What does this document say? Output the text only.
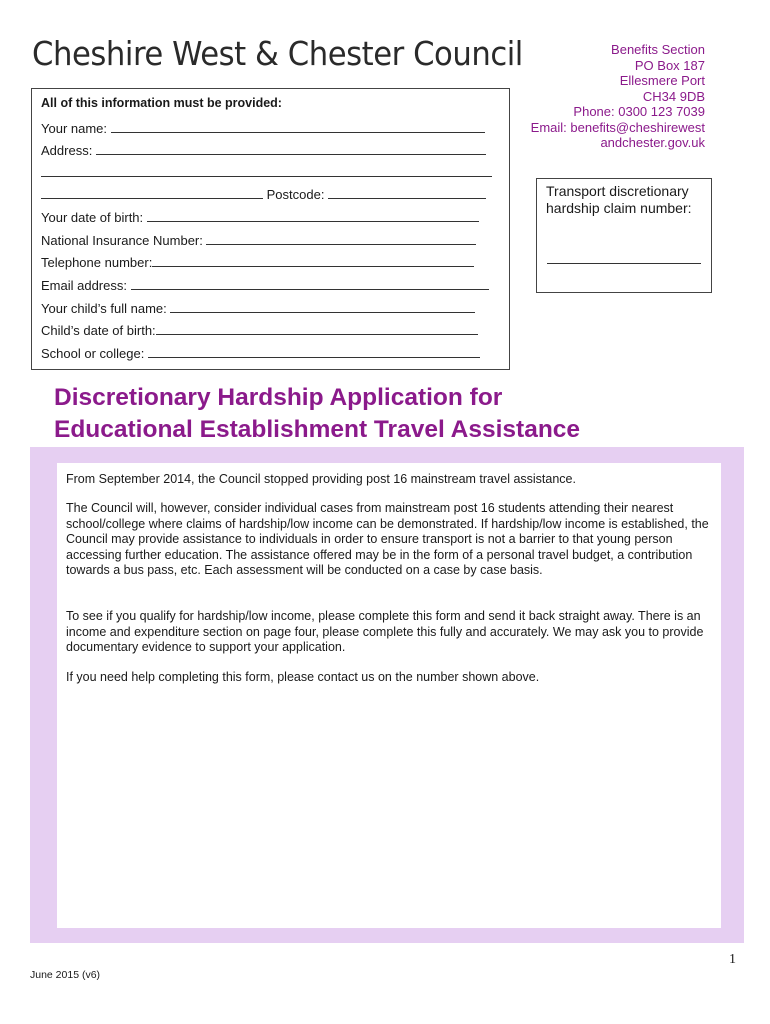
Cheshire West & Chester Council	Benefits Section
PO Box 187
Ellesmere Port
CH34 9DB
Phone: 0300 123 7039
Email: benefits@cheshirewest
andchester.gov.uk
All of this information must be provided:
Your name:
Address:
Postcode:
Your date of birth:
National Insurance Number:
Telephone number:
Email address:
Your child’s full name:
Child’s date of birth:
School or college:
Transport discretionary hardship claim number:
Discretionary Hardship Application for
Educational Establishment Travel Assistance

From September 2014, the Council stopped providing post 16 mainstream travel assistance.

The Council will, however, consider individual cases from mainstream post 16 students attending their nearest school/college where claims of hardship/low income can be demonstrated. If hardship/low income is established, the Council may provide assistance to individuals in order to ensure transport is not a barrier to that young person accessing further education. The assistance offered may be in the form of a personal travel budget, a contribution towards a bus pass, etc. Each assessment will be conducted on a case by case basis.

To see if you qualify for hardship/low income, please complete this form and send it back straight away. There is an income and expenditure section on page four, please complete this fully and accurately. We may ask you to provide documentary evidence to support your application.

If you need help completing this form, please contact us on the number shown above.

1
June 2015 (v6)
